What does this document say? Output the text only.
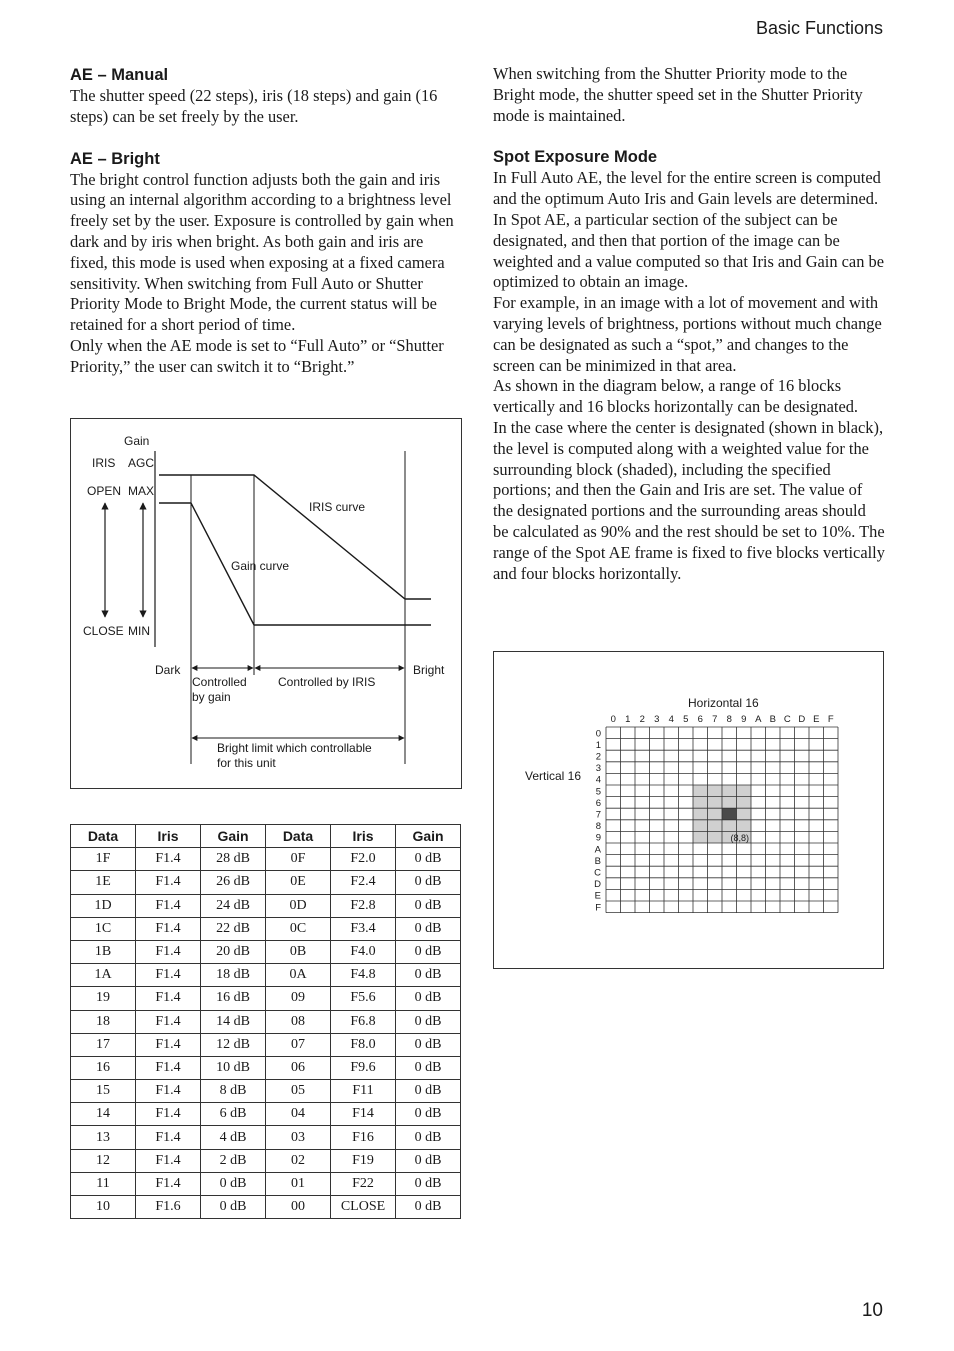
Basic Functions
AE – Manual

The shutter speed (22 steps), iris (18 steps) and gain (16 steps) can be set freely by the user.

AE – Bright

The bright control function adjusts both the gain and iris using an internal algorithm according to a brightness level freely set by the user. Exposure is controlled by gain when dark and by iris when bright. As both gain and iris are fixed, this mode is used when exposing at a fixed camera sensitivity. When switching from Full Auto or Shutter Priority Mode to Bright Mode, the current status will be retained for a short period of time.

Only when the AE mode is set to “Full Auto” or “Shutter Priority,” the user can switch it to “Bright.”

When switching from the Shutter Priority mode to the Bright mode, the shutter speed set in the Shutter Priority mode is maintained.

Spot Exposure Mode

In Full Auto AE, the level for the entire screen is computed and the optimum Auto Iris and Gain levels are determined. In Spot AE, a particular section of the subject can be designated, and then that portion of the image can be weighted and a value computed so that Iris and Gain can be optimized to obtain an image.

For example, in an image with a lot of movement and with varying levels of brightness, portions without much change can be designated as such a “spot,” and changes to the screen can be minimized in that area.

As shown in the diagram below, a range of 16 blocks vertically and 16 blocks horizontally can be designated.

In the case where the center is designated (shown in black), the level is computed along with a weighted value for the surrounding block (shaded), including the specified portions; and then the Gain and Iris are set. The value of the designated portions and the surrounding areas should be calculated as 90% and the rest should be set to 10%. The range of the Spot AE frame is fixed to five blocks vertically and four blocks horizontally.

Gain
IRIS AGC
OPEN MAX
CLOSE MIN
IRIS curve
Gain curve
Dark	Bright
Controlled
by gain
Controlled by IRIS
Bright limit which controllable
for this unit
Horizontal 16
Vertical 16
0 1 2 3 4 5 6 7 8 9 A B C D E F
0
1
2
3
4
5
6
7
8
9
A
B
C
D
E
F
(8,8)
Data	Iris	Gain	Data	Iris	Gain
1F	F1.4	28 dB	0F	F2.0	0 dB
1E	F1.4	26 dB	0E	F2.4	0 dB
1D	F1.4	24 dB	0D	F2.8	0 dB
1C	F1.4	22 dB	0C	F3.4	0 dB
1B	F1.4	20 dB	0B	F4.0	0 dB
1A	F1.4	18 dB	0A	F4.8	0 dB
19	F1.4	16 dB	09	F5.6	0 dB
18	F1.4	14 dB	08	F6.8	0 dB
17	F1.4	12 dB	07	F8.0	0 dB
16	F1.4	10 dB	06	F9.6	0 dB
15	F1.4	8 dB	05	F11	0 dB
14	F1.4	6 dB	04	F14	0 dB
13	F1.4	4 dB	03	F16	0 dB
12	F1.4	2 dB	02	F19	0 dB
11	F1.4	0 dB	01	F22	0 dB
10	F1.6	0 dB	00	CLOSE	0 dB
10
